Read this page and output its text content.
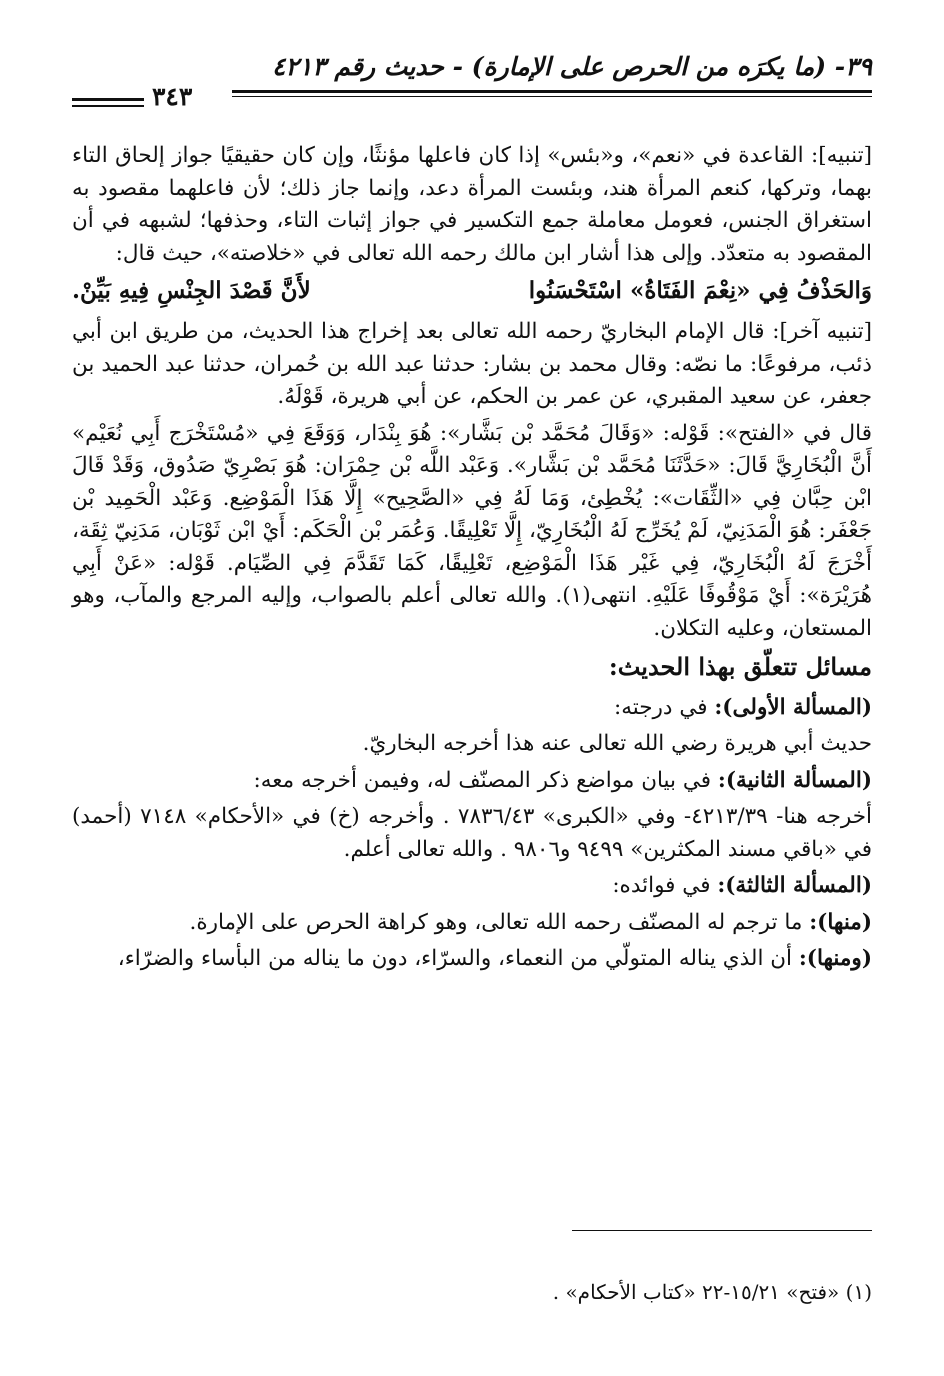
٣٩- (ما يكرَه من الحرص على الإمارة) - حديث رقم ٤٢١٣
٣٤٣

[تنبيه]: القاعدة في «نعم»، و«بئس» إذا كان فاعلها مؤنثًا، وإن كان حقيقيًا جواز إلحاق التاء بهما، وتركها، كنعم المرأة هند، وبئست المرأة دعد، وإنما جاز ذلك؛ لأن فاعلهما مقصود به استغراق الجنس، فعومل معاملة جمع التكسير في جواز إثبات التاء، وحذفها؛ لشبهه في أن المقصود به متعدّد. وإلى هذا أشار ابن مالك رحمه الله تعالى في «خلاصته»، حيث قال:

وَالحَذْفُ فِي «نِعْمَ الفَتَاةُ» اسْتَحْسَنُوا
لأَنَّ قَصْدَ الجِنْسِ فِيهِ بَيِّنْ.

[تنبيه آخر]: قال الإمام البخاريّ رحمه الله تعالى بعد إخراج هذا الحديث، من طريق ابن أبي ذئب، مرفوعًا: ما نصّه: وقال محمد بن بشار: حدثنا عبد الله بن حُمران، حدثنا عبد الحميد بن جعفر، عن سعيد المقبري، عن عمر بن الحكم، عن أبي هريرة، قَوْلَهُ.

قال في «الفتح»: قَوْله: «وَقَالَ مُحَمَّد بْن بَشَّار»: هُوَ بِنْدَار، وَوَقَعَ فِي «مُسْتَخْرَج أَبِي نُعَيْم» أَنَّ الْبُخَارِيَّ قَالَ: «حَدَّثَنَا مُحَمَّد بْن بَشَّار». وَعَبْد اللَّه بْن حِمْرَان: هُوَ بَصْرِيّ صَدُوق، وَقَدْ قَالَ ابْن حِبَّان فِي «الثِّقَات»: يُخْطِئ، وَمَا لَهُ فِي «الصَّحِيح» إِلَّا هَذَا الْمَوْضِع. وَعَبْد الْحَمِيد بْن جَعْفَر: هُوَ الْمَدَنِيّ، لَمْ يُخَرِّج لَهُ الْبُخَارِيّ، إِلَّا تَعْلِيقًا. وَعُمَر بْن الْحَكَم: أَيْ ابْن ثَوْبَان، مَدَنِيّ ثِقَة، أَخْرَجَ لَهُ الْبُخَارِيّ، فِي غَيْر هَذَا الْمَوْضِع، تَعْلِيقًا، كَمَا تَقَدَّمَ فِي الصِّيَام. قَوْله: «عَنْ أَبِي هُرَيْرَة»: أَيْ مَوْقُوفًا عَلَيْهِ. انتهى(١). والله تعالى أعلم بالصواب، وإليه المرجع والمآب، وهو المستعان، وعليه التكلان.

مسائل تتعلّق بهذا الحديث:

(المسألة الأولى): في درجته:

حديث أبي هريرة رضي الله تعالى عنه هذا أخرجه البخاريّ.

(المسألة الثانية): في بيان مواضع ذكر المصنّف له، وفيمن أخرجه معه:

أخرجه هنا- ٤٢١٣/٣٩- وفي «الكبرى» ٧٨٣٦/٤٣ . وأخرجه (خ) في «الأحكام» ٧١٤٨ (أحمد) في «باقي مسند المكثرين» ٩٤٩٩ و٩٨٠٦ . والله تعالى أعلم.

(المسألة الثالثة): في فوائده:

(منها): ما ترجم له المصنّف رحمه الله تعالى، وهو كراهة الحرص على الإمارة.

(ومنها): أن الذي يناله المتولّي من النعماء، والسرّاء، دون ما يناله من البأساء والضرّاء،

(١) «فتح» ١٥/٢١-٢٢ «كتاب الأحكام» .
